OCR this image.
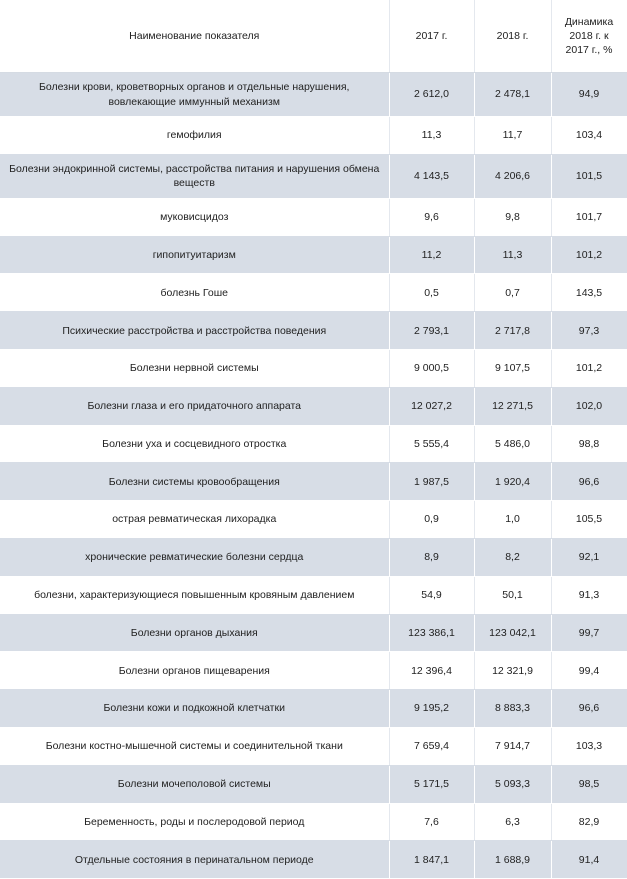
Наименование показателя	2017 г.	2018 г.	Динамика 2018 г. к 2017 г., %
Болезни крови, кроветворных органов и отдельные нарушения, вовлекающие иммунный механизм	2 612,0	2 478,1	94,9
гемофилия	11,3	11,7	103,4
Болезни эндокринной системы, расстройства питания и нарушения обмена веществ	4 143,5	4 206,6	101,5
муковисцидоз	9,6	9,8	101,7
гипопитуитаризм	11,2	11,3	101,2
болезнь Гоше	0,5	0,7	143,5
Психические расстройства и расстройства поведения	2 793,1	2 717,8	97,3
Болезни нервной системы	9 000,5	9 107,5	101,2
Болезни глаза и его придаточного аппарата	12 027,2	12 271,5	102,0
Болезни уха и сосцевидного отростка	5 555,4	5 486,0	98,8
Болезни системы кровообращения	1 987,5	1 920,4	96,6
острая ревматическая лихорадка	0,9	1,0	105,5
хронические ревматические болезни сердца	8,9	8,2	92,1
болезни, характеризующиеся повышенным кровяным давлением	54,9	50,1	91,3
Болезни органов дыхания	123 386,1	123 042,1	99,7
Болезни органов пищеварения	12 396,4	12 321,9	99,4
Болезни кожи и подкожной клетчатки	9 195,2	8 883,3	96,6
Болезни костно-мышечной системы и соединительной ткани	7 659,4	7 914,7	103,3
Болезни мочеполовой системы	5 171,5	5 093,3	98,5
Беременность, роды и послеродовой период	7,6	6,3	82,9
Отдельные состояния в перинатальном периоде	1 847,1	1 688,9	91,4
